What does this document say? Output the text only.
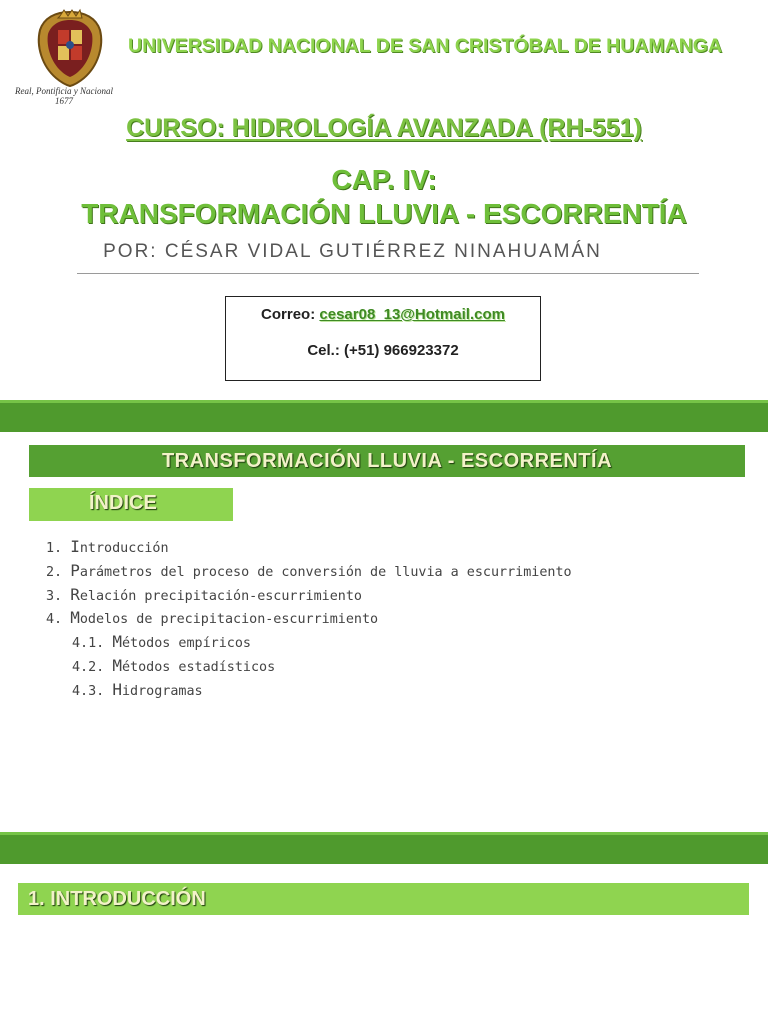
Real, Pontificia y Nacional
1677
UNIVERSIDAD NACIONAL DE SAN CRISTÓBAL DE HUAMANGA
CURSO: HIDROLOGÍA AVANZADA (RH-551)
CAP. IV:
TRANSFORMACIÓN LLUVIA - ESCORRENTÍA
POR: CÉSAR VIDAL GUTIÉRREZ NINAHUAMÁN
Correo: cesar08_13@Hotmail.com
Cel.: (+51) 966923372
TRANSFORMACIÓN LLUVIA - ESCORRENTÍA
ÍNDICE
1. Introducción
2. Parámetros del proceso de conversión de lluvia a escurrimiento
3. Relación precipitación-escurrimiento
4. Modelos de precipitacion-escurrimiento
4.1. Métodos empíricos
4.2. Métodos estadísticos
4.3. Hidrogramas
1. INTRODUCCIÓN
